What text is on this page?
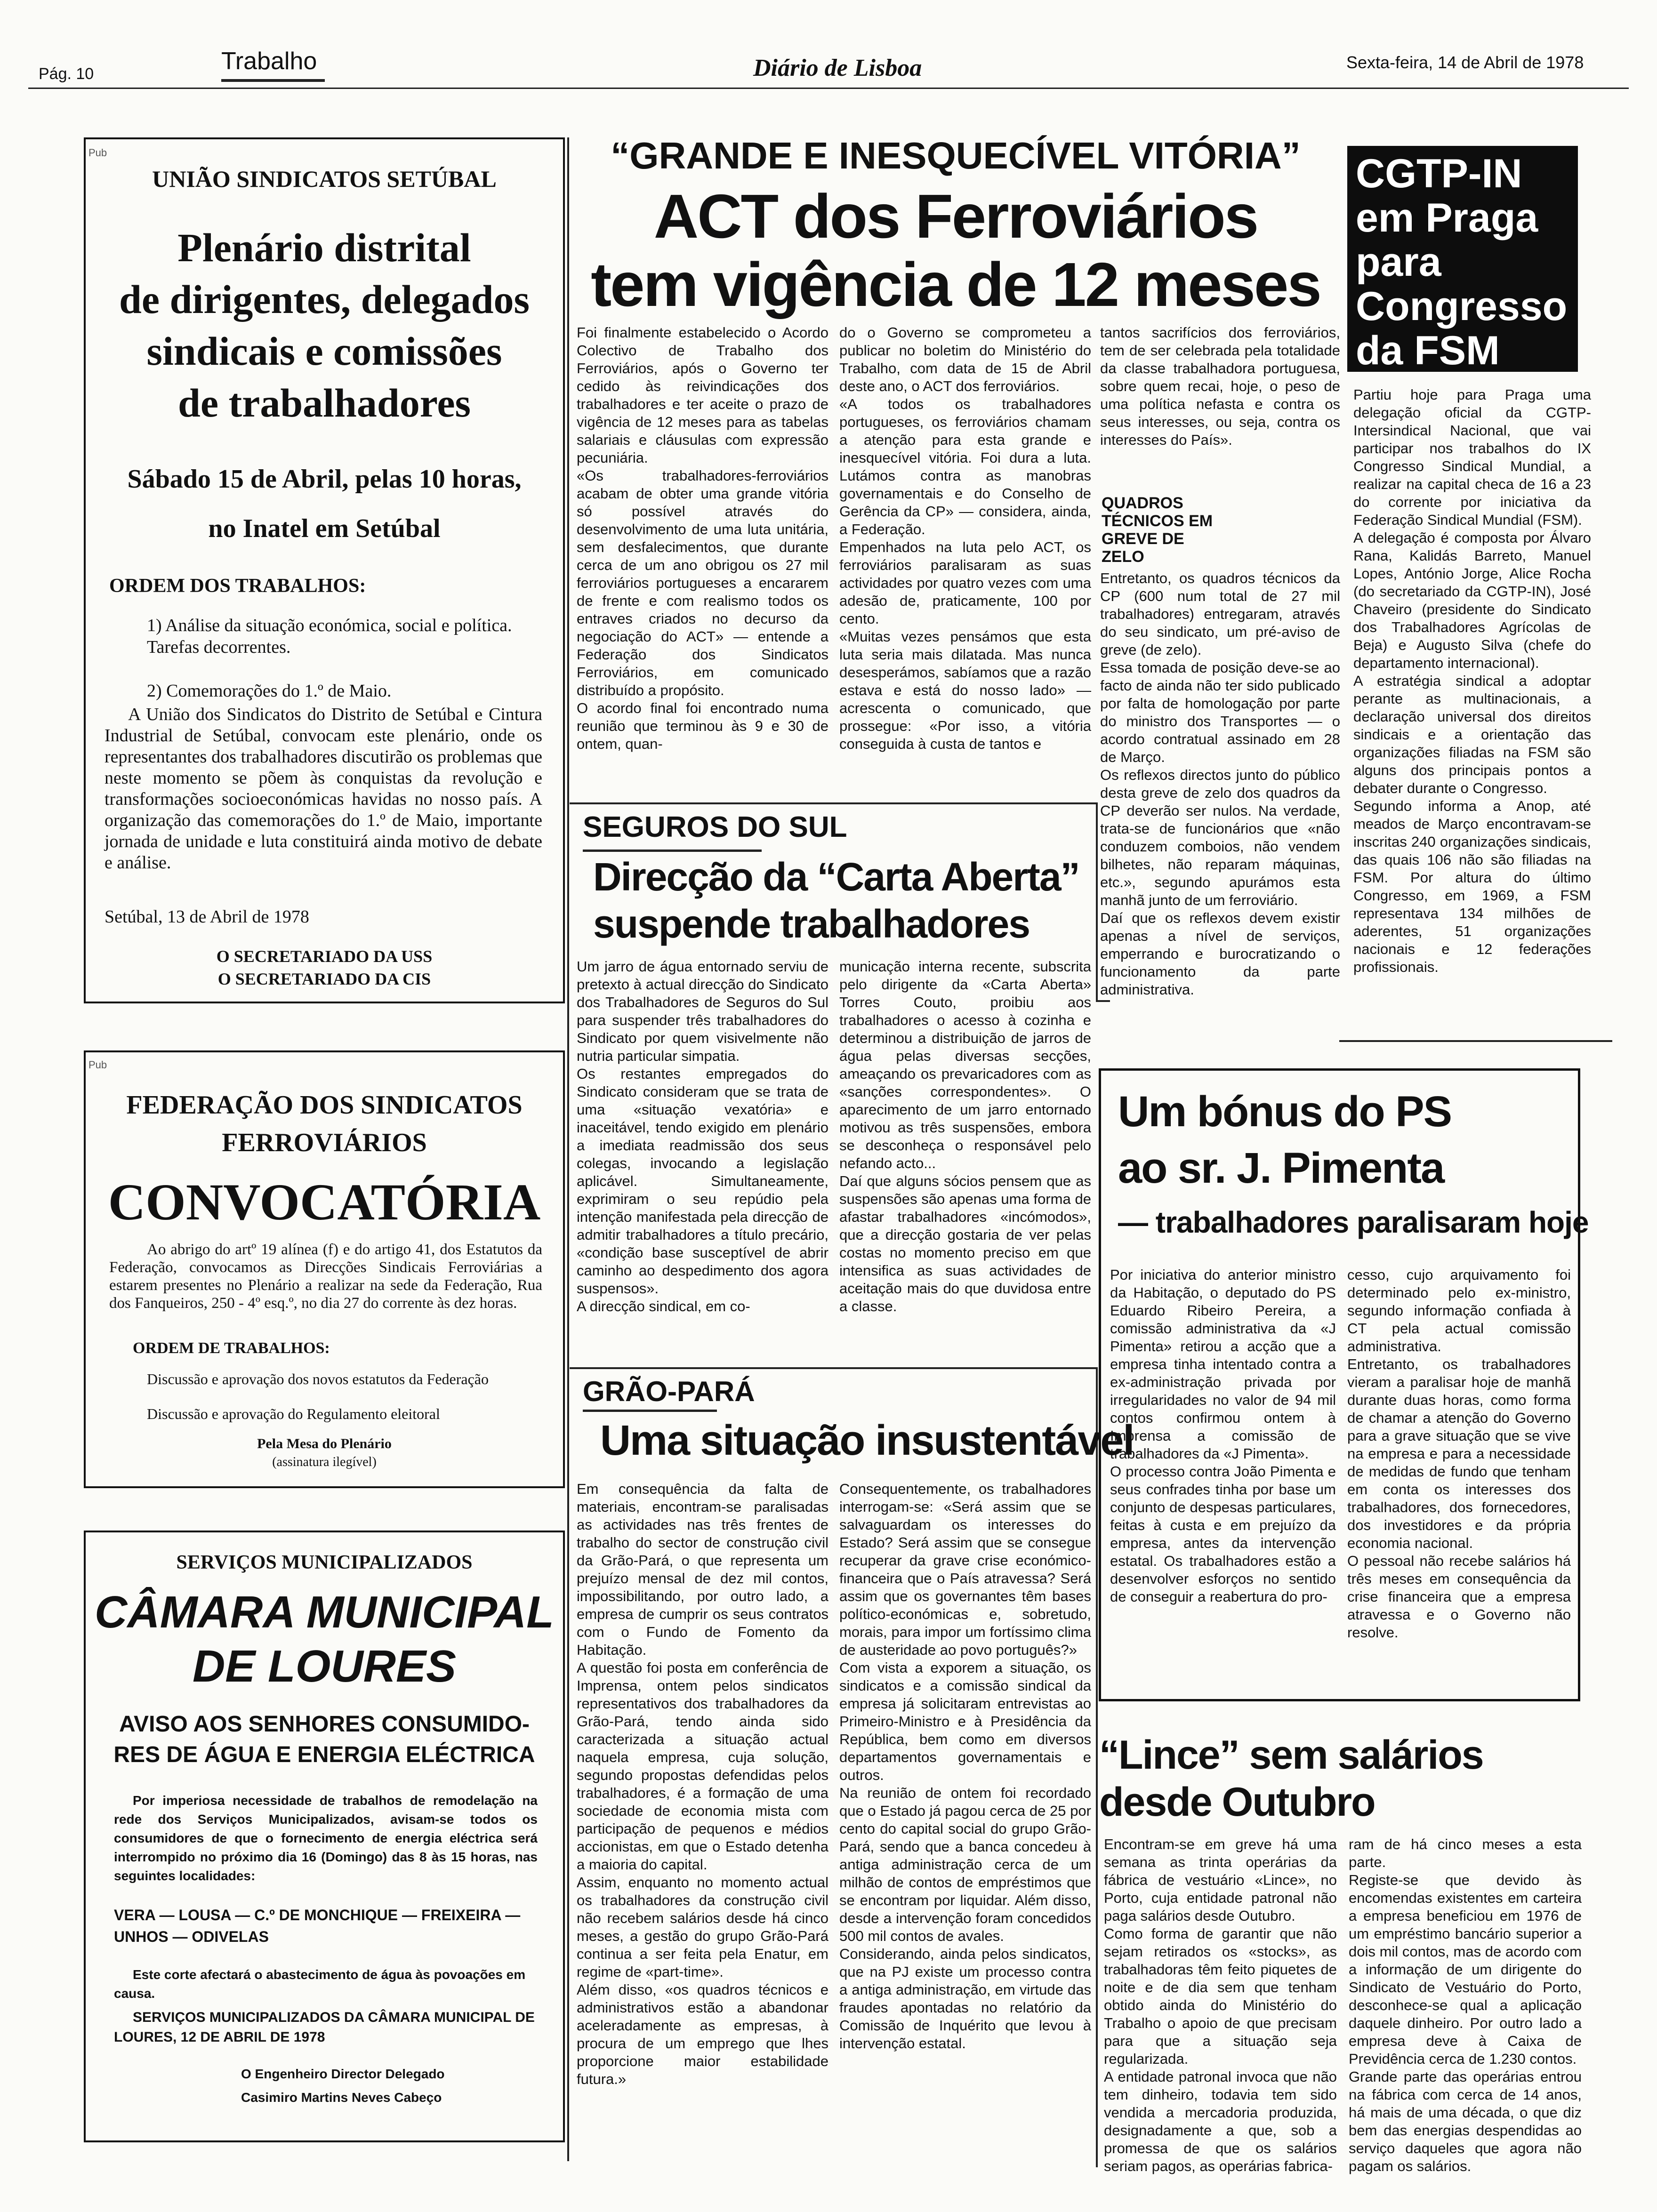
Pág. 10	Trabalho	Diário de Lisboa	Sexta-feira, 14 de Abril de 1978
Pub
UNIÃO SINDICATOS SETÚBAL
Plenário distrital
de dirigentes, delegados
sindicais e comissões
de trabalhadores
Sábado 15 de Abril, pelas 10 horas,
no Inatel em Setúbal
ORDEM DOS TRABALHOS:
1) Análise da situação económica, social e política. Tarefas decorrentes.
2) Comemorações do 1.º de Maio.
A União dos Sindicatos do Distrito de Setúbal e Cintura Industrial de Setúbal, convocam este plenário, onde os representantes dos trabalhadores discutirão os problemas que neste momento se põem às conquistas da revolução e transformações socioeconómicas havidas no nosso país. A organização das comemorações do 1.º de Maio, importante jornada de unidade e luta constituirá ainda motivo de debate e análise.
Setúbal, 13 de Abril de 1978
O SECRETARIADO DA USS
O SECRETARIADO DA CIS
Pub
FEDERAÇÃO DOS SINDICATOS
FERROVIÁRIOS
CONVOCATÓRIA
Ao abrigo do artº 19 alínea (f) e do artigo 41, dos Estatutos da Federação, convocamos as Direcções Sindicais Ferroviárias a estarem presentes no Plenário a realizar na sede da Federação, Rua dos Fanqueiros, 250 - 4º esq.º, no dia 27 do corrente às dez horas.
ORDEM DE TRABALHOS:
Discussão e aprovação dos novos estatutos da Federação
Discussão e aprovação do Regulamento eleitoral
Pela Mesa do Plenário
(assinatura ilegível)
SERVIÇOS MUNICIPALIZADOS
CÂMARA MUNICIPAL
DE LOURES
AVISO AOS SENHORES CONSUMIDO-
RES DE ÁGUA E ENERGIA ELÉCTRICA
Por imperiosa necessidade de trabalhos de remodelação na rede dos Serviços Municipalizados, avisam-se todos os consumidores de que o fornecimento de energia eléctrica será interrompido no próximo dia 16 (Domingo) das 8 às 15 horas, nas seguintes localidades:
VERA — LOUSA — C.º DE MONCHIQUE — FREIXEIRA — UNHOS — ODIVELAS
Este corte afectará o abastecimento de água às povoações em causa.
SERVIÇOS MUNICIPALIZADOS DA CÂMARA MUNICIPAL DE LOURES, 12 DE ABRIL DE 1978
O Engenheiro Director Delegado
Casimiro Martins Neves Cabeço
“GRANDE E INESQUECÍVEL VITÓRIA”
ACT dos Ferroviários
tem vigência de 12 meses
Foi finalmente estabelecido o Acordo Colectivo de Trabalho dos Ferroviários, após o Governo ter cedido às reivindicações dos trabalhadores e ter aceite o prazo de vigência de 12 meses para as tabelas salariais e cláusulas com expressão pecuniária.
«Os trabalhadores-ferroviários acabam de obter uma grande vitória só possível através do desenvolvimento de uma luta unitária, sem desfalecimentos, que durante cerca de um ano obrigou os 27 mil ferroviários portugueses a encararem de frente e com realismo todos os entraves criados no decurso da negociação do ACT» — entende a Federação dos Sindicatos Ferroviários, em comunicado distribuído a propósito.
O acordo final foi encontrado numa reunião que terminou às 9 e 30 de ontem, quan-
do o Governo se comprometeu a publicar no boletim do Ministério do Trabalho, com data de 15 de Abril deste ano, o ACT dos ferroviários.
«A todos os trabalhadores portugueses, os ferroviários chamam a atenção para esta grande e inesquecível vitória. Foi dura a luta. Lutámos contra as manobras governamentais e do Conselho de Gerência da CP» — considera, ainda, a Federação.
Empenhados na luta pelo ACT, os ferroviários paralisaram as suas actividades por quatro vezes com uma adesão de, praticamente, 100 por cento.
«Muitas vezes pensámos que esta luta seria mais dilatada. Mas nunca desesperámos, sabíamos que a razão estava e está do nosso lado» — acrescenta o comunicado, que prossegue: «Por isso, a vitória conseguida à custa de tantos e
tantos sacrifícios dos ferroviários, tem de ser celebrada pela totalidade da classe trabalhadora portuguesa, sobre quem recai, hoje, o peso de uma política nefasta e contra os seus interesses, ou seja, contra os interesses do País».
QUADROS TÉCNICOS EM GREVE DE ZELO
Entretanto, os quadros técnicos da CP (600 num total de 27 mil trabalhadores) entregaram, através do seu sindicato, um pré-aviso de greve (de zelo).
Essa tomada de posição deve-se ao facto de ainda não ter sido publicado por falta de homologação por parte do ministro dos Transportes — o acordo contratual assinado em 28 de Março.
Os reflexos directos junto do público desta greve de zelo dos quadros da CP deverão ser nulos. Na verdade, trata-se de funcionários que «não conduzem comboios, não vendem bilhetes, não reparam máquinas, etc.», segundo apurámos esta manhã junto de um ferroviário.
Daí que os reflexos devem existir apenas a nível de serviços, emperrando e burocratizando o funcionamento da parte administrativa.
SEGUROS DO SUL
Direcção da “Carta Aberta”
suspende trabalhadores
Um jarro de água entornado serviu de pretexto à actual direcção do Sindicato dos Trabalhadores de Seguros do Sul para suspender três trabalhadores do Sindicato por quem visivelmente não nutria particular simpatia.
Os restantes empregados do Sindicato consideram que se trata de uma «situação vexatória» e inaceitável, tendo exigido em plenário a imediata readmissão dos seus colegas, invocando a legislação aplicável. Simultaneamente, exprimiram o seu repúdio pela intenção manifestada pela direcção de admitir trabalhadores a título precário, «condição base susceptível de abrir caminho ao despedimento dos agora suspensos».
A direcção sindical, em co-
municação interna recente, subscrita pelo dirigente da «Carta Aberta» Torres Couto, proibiu aos trabalhadores o acesso à cozinha e determinou a distribuição de jarros de água pelas diversas secções, ameaçando os prevaricadores com as «sanções correspondentes». O aparecimento de um jarro entornado motivou as três suspensões, embora se desconheça o responsável pelo nefando acto...
Daí que alguns sócios pensem que as suspensões são apenas uma forma de afastar trabalhadores «incómodos», que a direcção gostaria de ver pelas costas no momento preciso em que intensifica as suas actividades de aceitação mais do que duvidosa entre a classe.
GRÃO-PARÁ
Uma situação insustentável
Em consequência da falta de materiais, encontram-se paralisadas as actividades nas três frentes de trabalho do sector de construção civil da Grão-Pará, o que representa um prejuízo mensal de dez mil contos, impossibilitando, por outro lado, a empresa de cumprir os seus contratos com o Fundo de Fomento da Habitação.
A questão foi posta em conferência de Imprensa, ontem pelos sindicatos representativos dos trabalhadores da Grão-Pará, tendo ainda sido caracterizada a situação actual naquela empresa, cuja solução, segundo propostas defendidas pelos trabalhadores, é a formação de uma sociedade de economia mista com participação de pequenos e médios accionistas, em que o Estado detenha a maioria do capital.
Assim, enquanto no momento actual os trabalhadores da construção civil não recebem salários desde há cinco meses, a gestão do grupo Grão-Pará continua a ser feita pela Enatur, em regime de «part-time».
Além disso, «os quadros técnicos e administrativos estão a abandonar aceleradamente as empresas, à procura de um emprego que lhes proporcione maior estabilidade futura.»
Consequentemente, os trabalhadores interrogam-se: «Será assim que se salvaguardam os interesses do Estado? Será assim que se consegue recuperar da grave crise económico-financeira que o País atravessa? Será assim que os governantes têm bases político-económicas e, sobretudo, morais, para impor um fortíssimo clima de austeridade ao povo português?»
Com vista a exporem a situação, os sindicatos e a comissão sindical da empresa já solicitaram entrevistas ao Primeiro-Ministro e à Presidência da República, bem como em diversos departamentos governamentais e outros.
Na reunião de ontem foi recordado que o Estado já pagou cerca de 25 por cento do capital social do grupo Grão-Pará, sendo que a banca concedeu à antiga administração cerca de um milhão de contos de empréstimos que se encontram por liquidar. Além disso, desde a intervenção foram concedidos 500 mil contos de avales.
Considerando, ainda pelos sindicatos, que na PJ existe um processo contra a antiga administração, em virtude das fraudes apontadas no relatório da Comissão de Inquérito que levou à intervenção estatal.
CGTP-IN
em Praga
para
Congresso
da FSM
Partiu hoje para Praga uma delegação oficial da CGTP-Intersindical Nacional, que vai participar nos trabalhos do IX Congresso Sindical Mundial, a realizar na capital checa de 16 a 23 do corrente por iniciativa da Federação Sindical Mundial (FSM).
A delegação é composta por Álvaro Rana, Kalidás Barreto, Manuel Lopes, António Jorge, Alice Rocha (do secretariado da CGTP-IN), José Chaveiro (presidente do Sindicato dos Trabalhadores Agrícolas de Beja) e Augusto Silva (chefe do departamento internacional).
A estratégia sindical a adoptar perante as multinacionais, a declaração universal dos direitos sindicais e a orientação das organizações filiadas na FSM são alguns dos principais pontos a debater durante o Congresso.
Segundo informa a Anop, até meados de Março encontravam-se inscritas 240 organizações sindicais, das quais 106 não são filiadas na FSM. Por altura do último Congresso, em 1969, a FSM representava 134 milhões de aderentes, 51 organizações nacionais e 12 federações profissionais.
Um bónus do PS
ao sr. J. Pimenta
— trabalhadores paralisaram hoje
Por iniciativa do anterior ministro da Habitação, o deputado do PS Eduardo Ribeiro Pereira, a comissão administrativa da «J Pimenta» retirou a acção que a empresa tinha intentado contra a ex-administração privada por irregularidades no valor de 94 mil contos confirmou ontem à Imprensa a comissão de trabalhadores da «J Pimenta».
O processo contra João Pimenta e seus confrades tinha por base um conjunto de despesas particulares, feitas à custa e em prejuízo da empresa, antes da intervenção estatal. Os trabalhadores estão a desenvolver esforços no sentido de conseguir a reabertura do pro-
cesso, cujo arquivamento foi determinado pelo ex-ministro, segundo informação confiada à CT pela actual comissão administrativa.
Entretanto, os trabalhadores vieram a paralisar hoje de manhã durante duas horas, como forma de chamar a atenção do Governo para a grave situação que se vive na empresa e para a necessidade de medidas de fundo que tenham em conta os interesses dos trabalhadores, dos fornecedores, dos investidores e da própria economia nacional.
O pessoal não recebe salários há três meses em consequência da crise financeira que a empresa atravessa e o Governo não resolve.
“Lince” sem salários
desde Outubro
Encontram-se em greve há uma semana as trinta operárias da fábrica de vestuário «Lince», no Porto, cuja entidade patronal não paga salários desde Outubro.
Como forma de garantir que não sejam retirados os «stocks», as trabalhadoras têm feito piquetes de noite e de dia sem que tenham obtido ainda do Ministério do Trabalho o apoio de que precisam para que a situação seja regularizada.
A entidade patronal invoca que não tem dinheiro, todavia tem sido vendida a mercadoria produzida, designadamente a que, sob a promessa de que os salários seriam pagos, as operárias fabrica-
ram de há cinco meses a esta parte.
Registe-se que devido às encomendas existentes em carteira a empresa beneficiou em 1976 de um empréstimo bancário superior a dois mil contos, mas de acordo com a informação de um dirigente do Sindicato de Vestuário do Porto, desconhece-se qual a aplicação daquele dinheiro. Por outro lado a empresa deve à Caixa de Previdência cerca de 1.230 contos.
Grande parte das operárias entrou na fábrica com cerca de 14 anos, há mais de uma década, o que diz bem das energias despendidas ao serviço daqueles que agora não pagam os salários.
